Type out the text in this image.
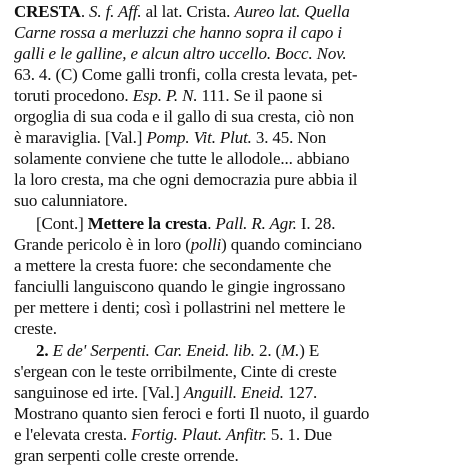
CRESTA. S. f. Aff. al lat. Crista. Aureo lat. Quella
Carne rossa a merluzzi che hanno sopra il capo i
galli e le galline, e alcun altro uccello. Bocc. Nov.
63. 4. (C) Come galli tronfi, colla cresta levata, pet-
toruti procedono. Esp. P. N. 111. Se il paone si
orgoglia di sua coda e il gallo di sua cresta, ciò non
è maraviglia. [Val.] Pomp. Vit. Plut. 3. 45. Non
solamente conviene che tutte le allodole... abbiano
la loro cresta, ma che ogni democrazia pure abbia il
suo calunniatore.
[Cont.] Mettere la cresta. Pall. R. Agr. I. 28.
Grande pericolo è in loro (polli) quando cominciano
a mettere la cresta fuore: che secondamente che
fanciulli languiscono quando le gingie ingrossano
per mettere i denti; così i pollastrini nel mettere le
creste.
2. E de' Serpenti. Car. Eneid. lib. 2. (M.) E
s'ergean con le teste orribilmente, Cinte di creste
sanguinose ed irte. [Val.] Anguill. Eneid. 127.
Mostrano quanto sien feroci e forti Il nuoto, il guardo
e l'elevata cresta. Fortig. Plaut. Anfitr. 5. 1. Due
gran serpenti colle creste orrende.
